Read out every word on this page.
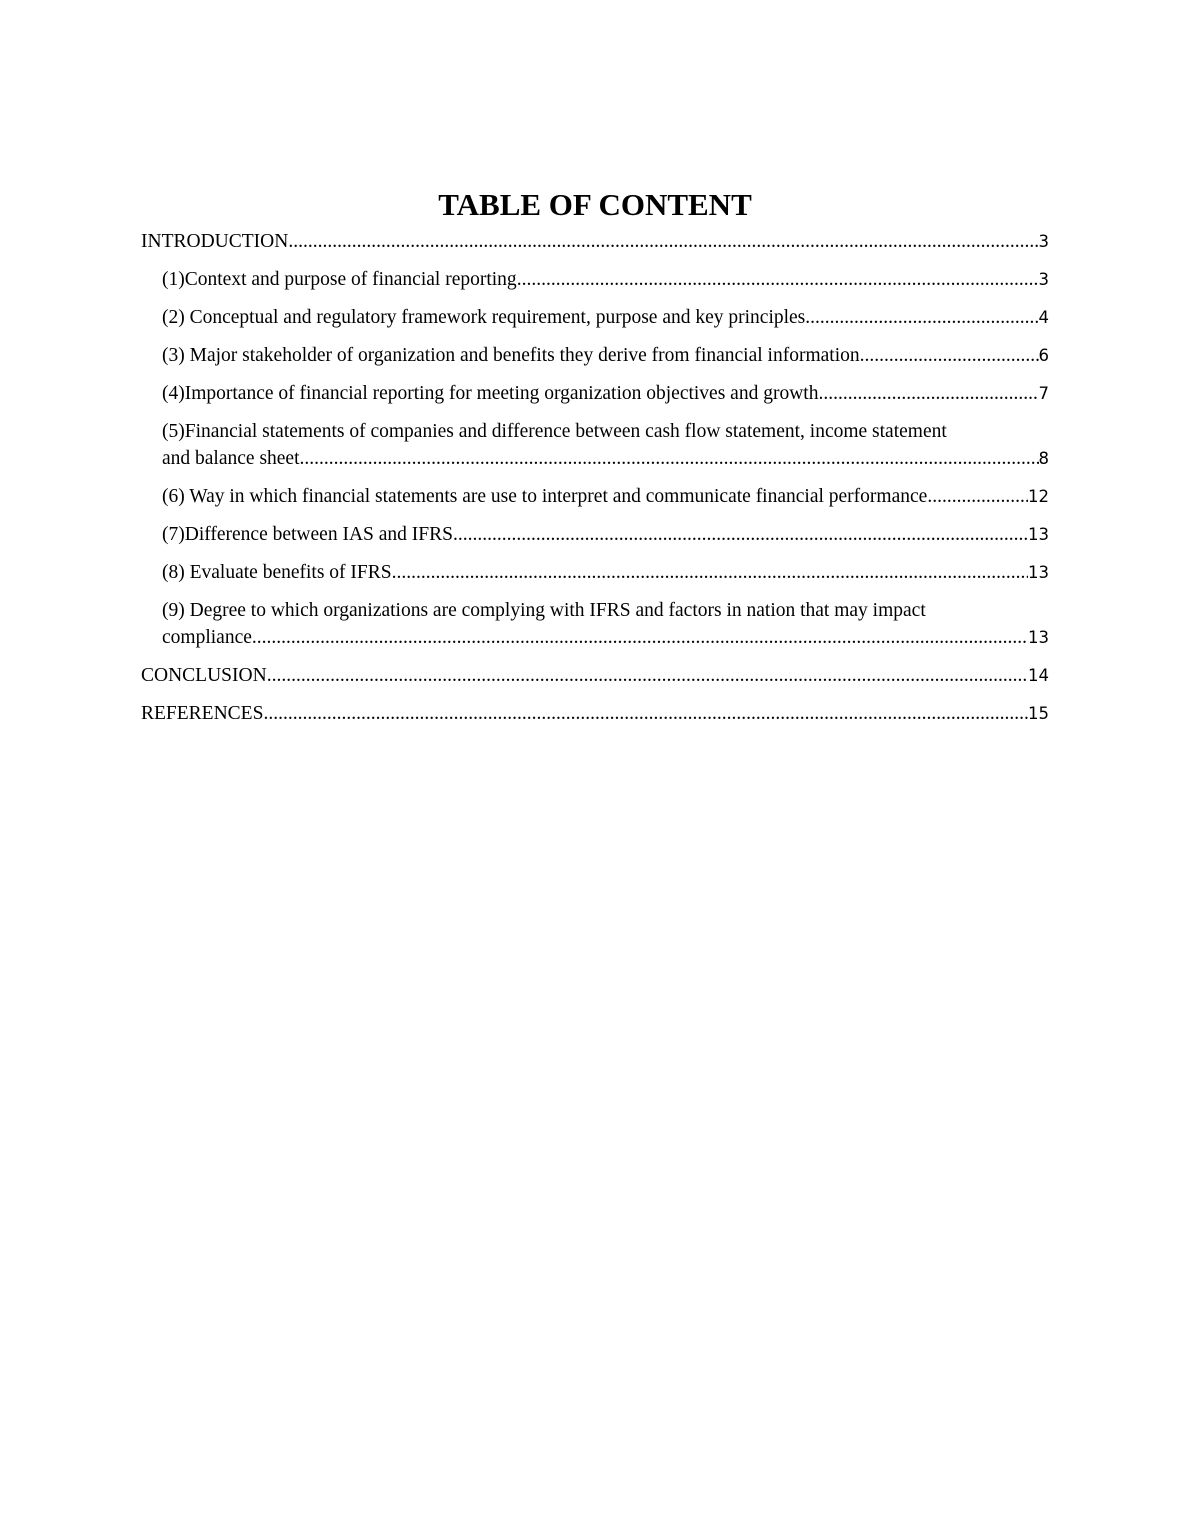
TABLE OF CONTENT
INTRODUCTION .....	3
(1)Context and purpose of financial reporting .....	3
(2) Conceptual and regulatory framework requirement, purpose and key principles .....	4
(3) Major stakeholder of organization and benefits they derive from financial information .....	6
(4)Importance of financial reporting for meeting organization objectives and growth .....	7
(5)Financial statements of companies and difference between cash flow statement, income statement
and balance sheet .....	8
(6) Way in which financial statements are use to interpret and communicate financial performance .....	12
(7)Difference between IAS and IFRS .....	13
(8) Evaluate benefits of IFRS .....	13
(9) Degree to which organizations are complying with IFRS and factors in nation that may impact
compliance .....	13
CONCLUSION .....	14
REFERENCES .....	15
